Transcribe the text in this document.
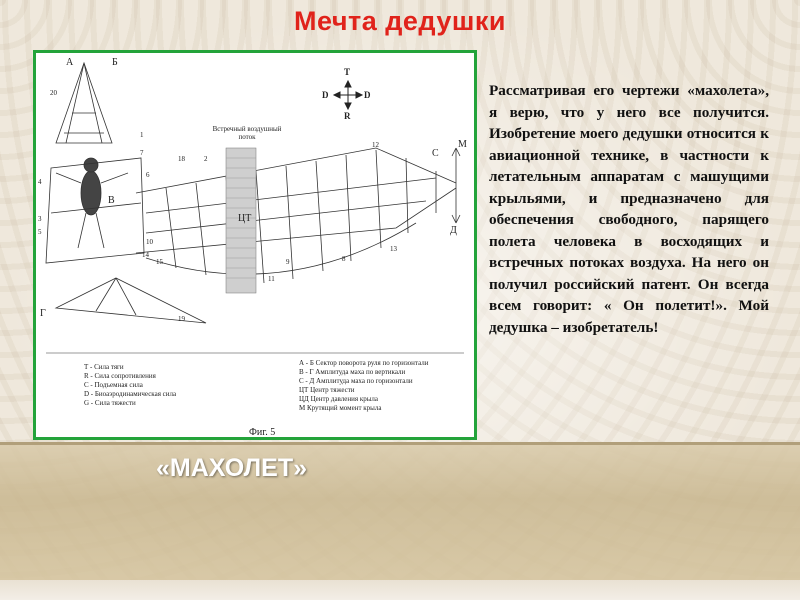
Мечта дедушки
Т
D	D
R
А	Б
В
Г
С
М
Д
ЦТ
20
1
4
2
3
5
6
7
9
10
14
15
18
19
12
13
8
11
Встречный воздушный поток
Т - Сила тяги
R - Сила сопротивления
С - Подъемная сила
D - Биоаэродинамическая сила
G - Сила тяжести
А - Б Сектор поворота руля по горизонтали
В - Г Амплитуда маха по вертикали
С - Д Амплитуда маха по горизонтали
ЦТ Центр тяжести
ЦД Центр давления крыла
М Крутящий момент крыла
Фиг. 5
Рассматривая его чертежи «махолета», я верю, что у него все получится. Изобретение моего дедушки относится к авиационной технике, в частности к летательным аппаратам с машущими крыльями, и предназначено для обеспечения свободного, парящего полета человека в восходящих и встречных потоках воздуха. На него он получил российский патент. Он всегда всем говорит: « Он полетит!». Мой дедушка – изобретатель!
«МАХОЛЕТ»
